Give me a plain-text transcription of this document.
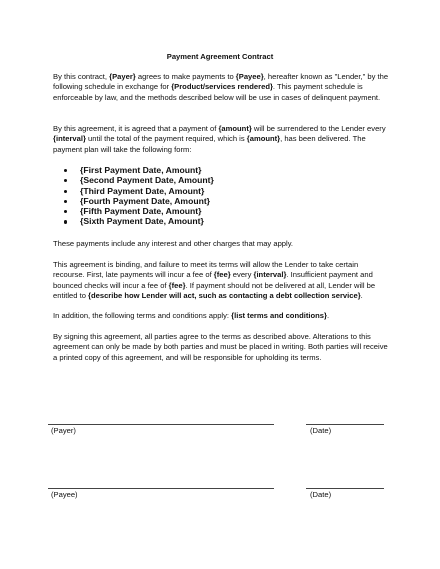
Payment Agreement Contract
By this contract, {Payer} agrees to make payments to {Payee}, hereafter known as "Lender," by the following schedule in exchange for {Product/services rendered}. This payment schedule is enforceable by law, and the methods described below will be use in cases of delinquent payment.
By this agreement, it is agreed that a payment of {amount} will be surrendered to the Lender every {interval} until the total of the payment required, which is {amount}, has been delivered. The payment plan will take the following form:
{First Payment Date, Amount}
{Second Payment Date, Amount}
{Third Payment Date, Amount}
{Fourth Payment Date, Amount}
{Fifth Payment Date, Amount}
{Sixth Payment Date, Amount}
These payments include any interest and other charges that may apply.
This agreement is binding, and failure to meet its terms will allow the Lender to take certain recourse. First, late payments will incur a fee of {fee} every {interval}. Insufficient payment and bounced checks will incur a fee of {fee}. If payment should not be delivered at all, Lender will be entitled to {describe how Lender will act, such as contacting a debt collection service}.
In addition, the following terms and conditions apply: {list terms and conditions}.
By signing this agreement, all parties agree to the terms as described above. Alterations to this agreement can only be made by both parties and must be placed in writing. Both parties will receive a printed copy of this agreement, and will be responsible for upholding its terms.
(Payer)	(Date)
(Payee)	(Date)
